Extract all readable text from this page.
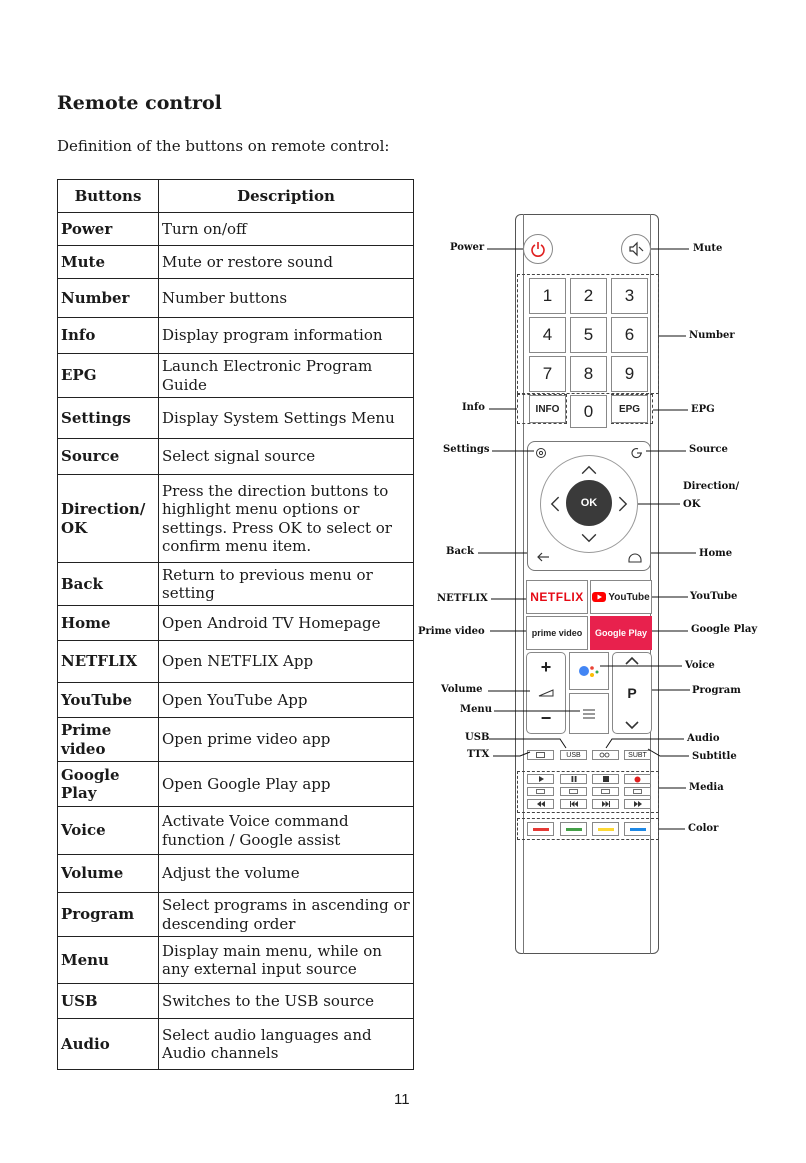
Remote control
Definition of the buttons on remote control:
Buttons	Description
Power	Turn on/off
Mute	Mute or restore sound
Number	Number buttons
Info	Display program information
EPG	Launch Electronic Program Guide
Settings	Display System Settings Menu
Source	Select signal source
Direction/ OK	Press the direction buttons to highlight menu options or settings. Press OK to select or confirm menu item.
Back	Return to previous menu or setting
Home	Open Android TV Homepage
NETFLIX	Open NETFLIX App
YouTube	Open YouTube App
Prime video	Open prime video app
Google Play	Open Google Play app
Voice	Activate Voice command function / Google assist
Volume	Adjust the volume
Program	Select programs in ascending or descending order
Menu	Display main menu, while on any external input source
USB	Switches to the USB source
Audio	Select audio languages and Audio channels
11
1	2	3
4	5	6
7	8	9
INFO	0	EPG
OK
NETFLIX	YouTube
prime video	Google Play
+
−
P
USB	SUBT
Power
Info
Settings
Back
NETFLIX
Prime video
Volume
Menu
USB
TTX
Mute
Number
EPG
Source
Direction/
OK
Home
YouTube
Google Play
Voice
Program
Audio
Subtitle
Media
Color
